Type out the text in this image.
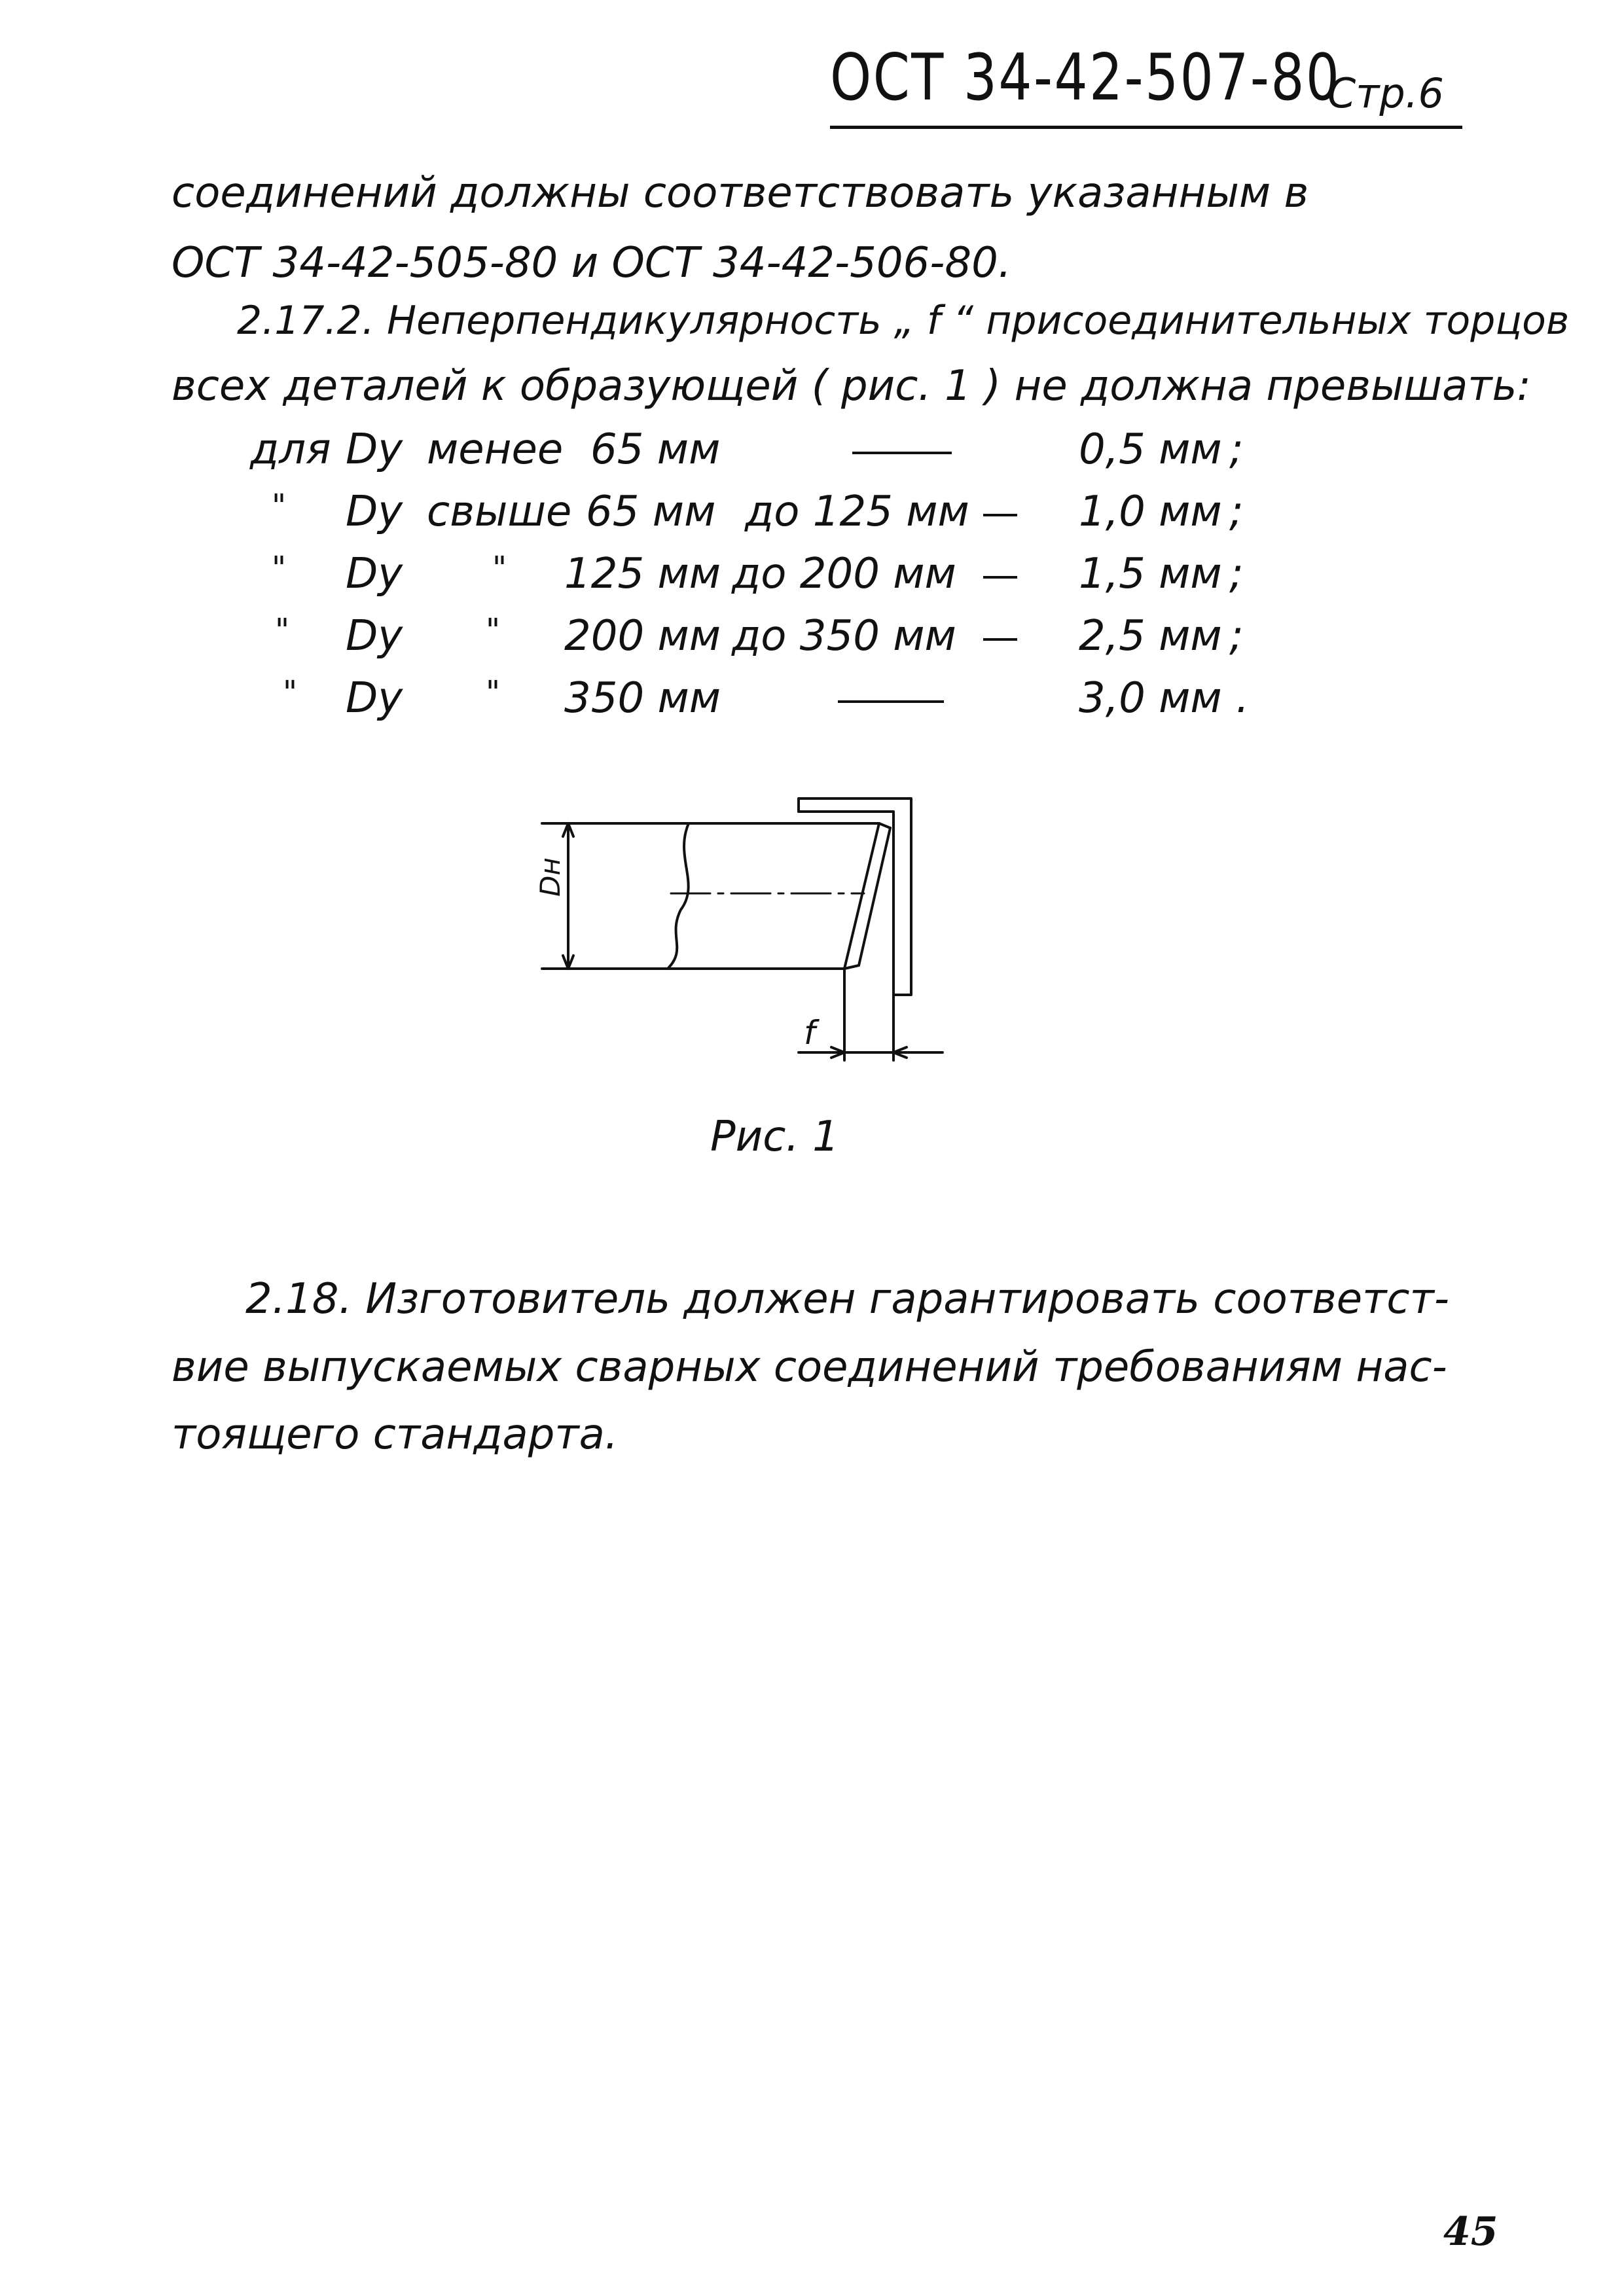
ОСТ 34-42-507-80
Стр.6
соединений должны соответствовать указанным в
ОСТ 34-42-505-80 и ОСТ 34-42-506-80.
2.17.2. Неперпендикулярность „ f “ присоединительных торцов
всех деталей к образующей ( рис. 1 ) не должна превышать:
для Dy менее 65 мм	0,5 мм ;
" Dy свыше 65 мм до 125 мм	1,0 мм ;
" Dy	" 125 мм до 200 мм	1,5 мм ;
" Dy	" 200 мм до 350 мм	2,5 мм ;
" Dy	" 350 мм	3,0 мм .
Dн
f
Рис. 1
2.18. Изготовитель должен гарантировать соответст-
вие выпускаемых сварных соединений требованиям нас-
тоящего стандарта.
45
